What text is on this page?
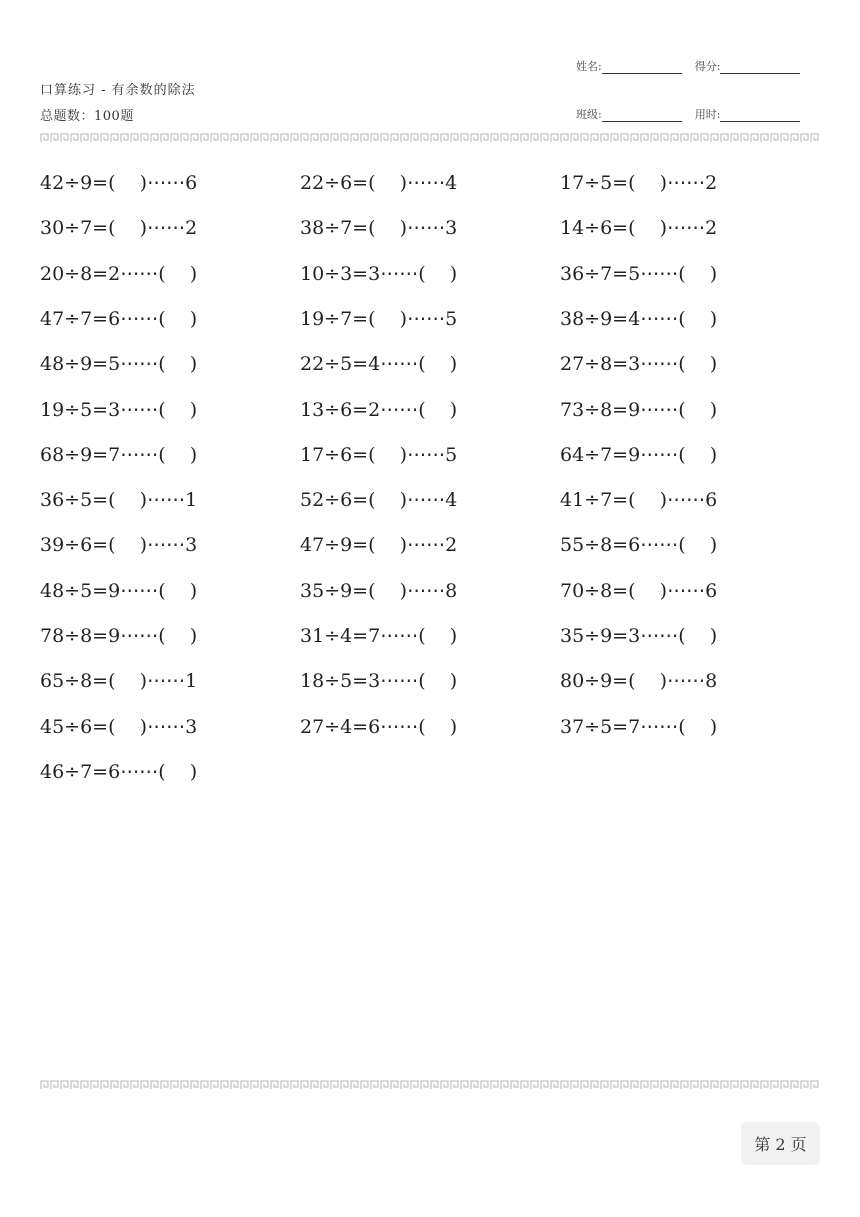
口算练习 - 有余数的除法
总题数：100题
姓名:	得分:
班级:	用时:
42÷9=(    )⋯⋯6	22÷6=(    )⋯⋯4	17÷5=(    )⋯⋯2
30÷7=(    )⋯⋯2	38÷7=(    )⋯⋯3	14÷6=(    )⋯⋯2
20÷8=2⋯⋯(    )	10÷3=3⋯⋯(    )	36÷7=5⋯⋯(    )
47÷7=6⋯⋯(    )	19÷7=(    )⋯⋯5	38÷9=4⋯⋯(    )
48÷9=5⋯⋯(    )	22÷5=4⋯⋯(    )	27÷8=3⋯⋯(    )
19÷5=3⋯⋯(    )	13÷6=2⋯⋯(    )	73÷8=9⋯⋯(    )
68÷9=7⋯⋯(    )	17÷6=(    )⋯⋯5	64÷7=9⋯⋯(    )
36÷5=(    )⋯⋯1	52÷6=(    )⋯⋯4	41÷7=(    )⋯⋯6
39÷6=(    )⋯⋯3	47÷9=(    )⋯⋯2	55÷8=6⋯⋯(    )
48÷5=9⋯⋯(    )	35÷9=(    )⋯⋯8	70÷8=(    )⋯⋯6
78÷8=9⋯⋯(    )	31÷4=7⋯⋯(    )	35÷9=3⋯⋯(    )
65÷8=(    )⋯⋯1	18÷5=3⋯⋯(    )	80÷9=(    )⋯⋯8
45÷6=(    )⋯⋯3	27÷4=6⋯⋯(    )	37÷5=7⋯⋯(    )
46÷7=6⋯⋯(    )
第 2 页
